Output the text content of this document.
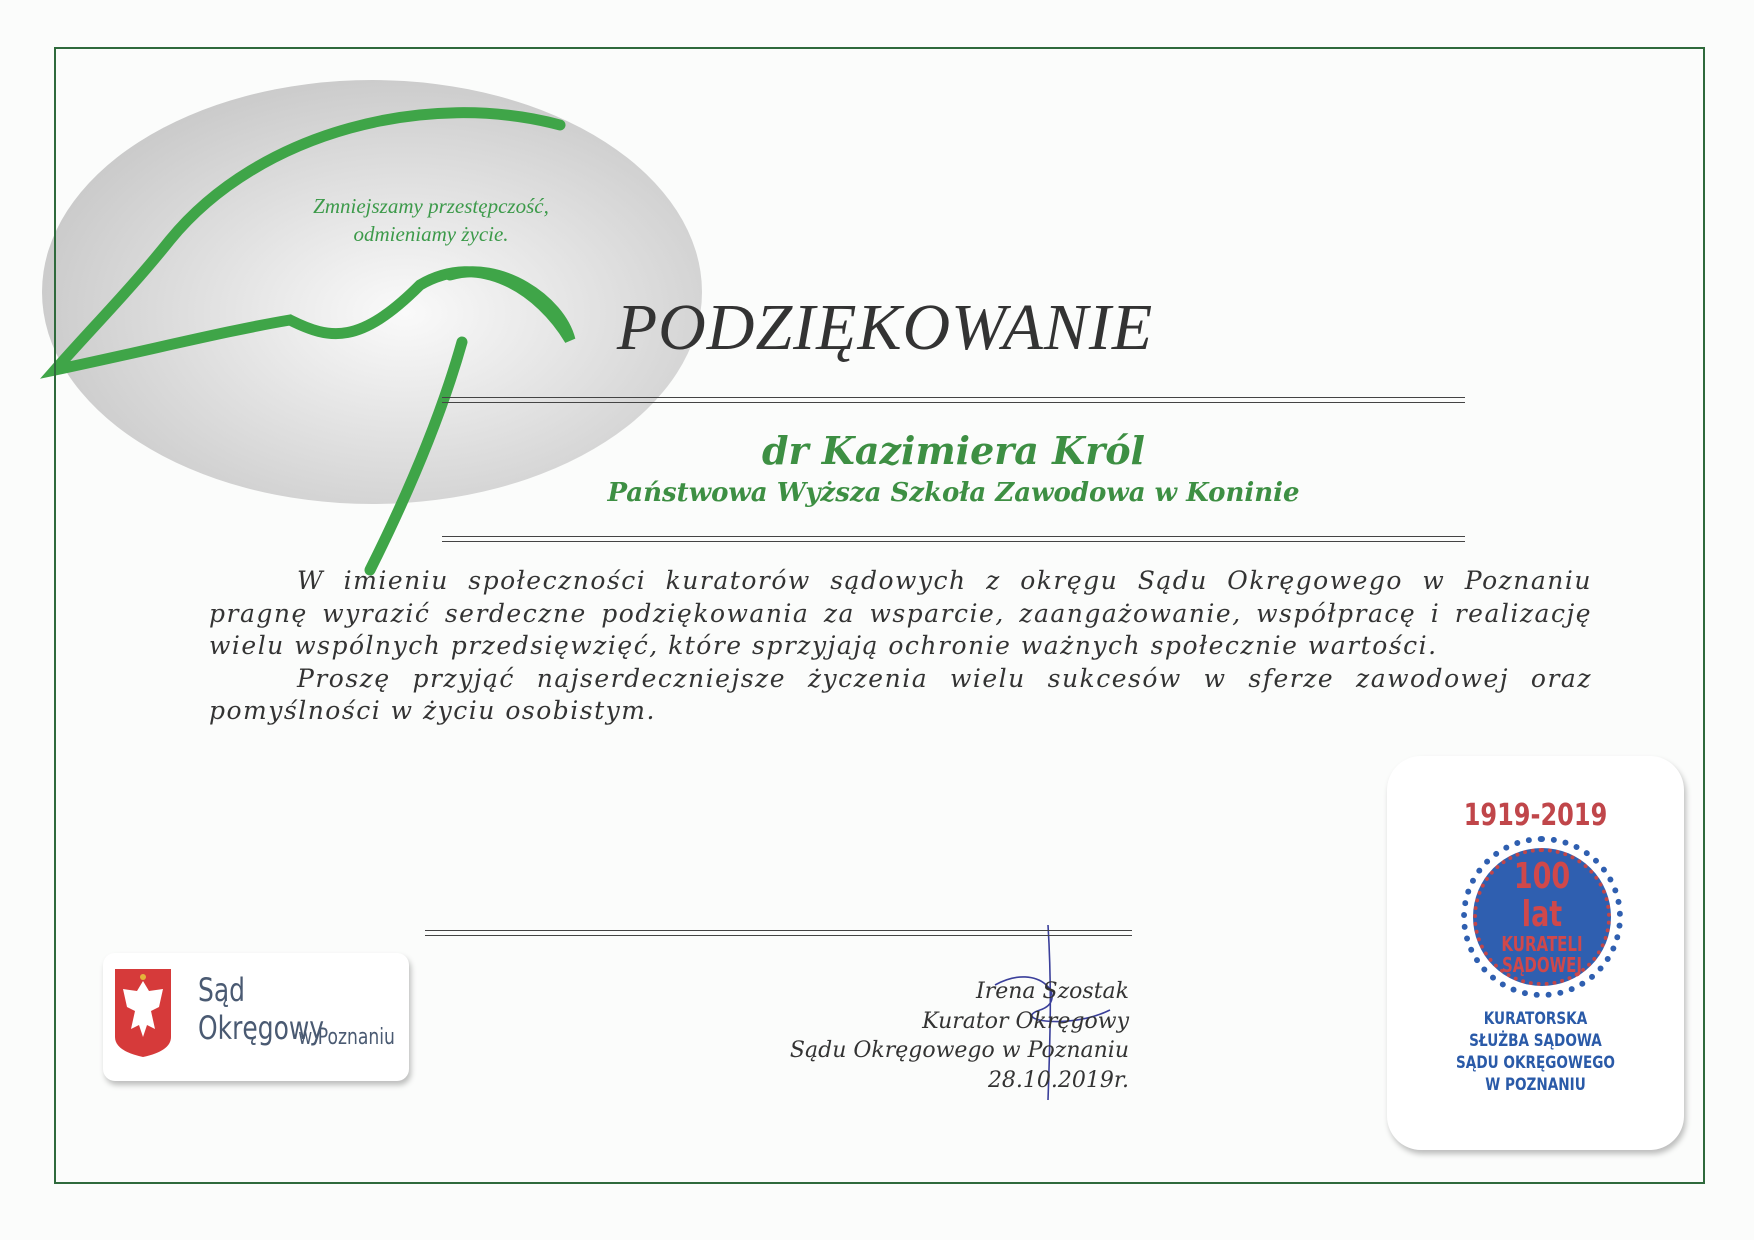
Zmniejszamy przestępczość,
odmieniamy życie.
PODZIĘKOWANIE
dr Kazimiera Król
Państwowa Wyższa Szkoła Zawodowa w Koninie

W imieniu społeczności kuratorów sądowych z okręgu Sądu Okręgowego w Poznaniu pragnę wyrazić serdeczne podziękowania za wsparcie, zaangażowanie, współpracę i realizację wielu wspólnych przedsięwzięć, które sprzyjają ochronie ważnych społecznie wartości.

Proszę przyjąć najserdeczniejsze życzenia wielu sukcesów w sferze zawodowej oraz pomyślności w życiu osobistym.

Irena Szostak
Kurator Okręgowy
Sądu Okręgowego w Poznaniu
28.10.2019r.
Sąd Okręgowy
w Poznaniu
1919-2019
100 lat
KURATELI
SĄDOWEJ
KURATORSKA
SŁUŻBA SĄDOWA
SĄDU OKRĘGOWEGO
W POZNANIU
